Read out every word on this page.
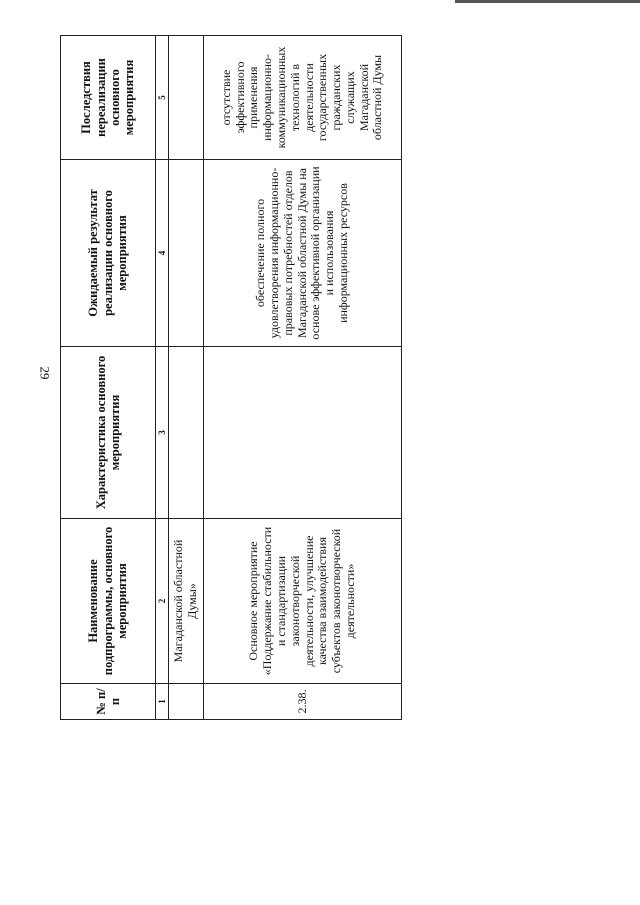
29
№ п/п	Наименование подпрограммы, основного мероприятия	Характеристика основного мероприятия	Ожидаемый результат реализации основного мероприятия	Последствия нереализации основного мероприятия
1	2	3	4	5
	Магаданской областной Думы»			
2.38.	Основное мероприятие «Поддержание стабильности и стандартизации законотворческой деятельности, улучшение качества взаимодействия субъектов законотворческой деятельности»		обеспечение полного удовлетворения информационно-правовых потребностей отделов Магаданской областной Думы на основе эффективной организации и использования информационных ресурсов	отсутствие эффективного применения информационно-коммуникационных технологий в деятельности государственных гражданских служащих Магаданской областной Думы
